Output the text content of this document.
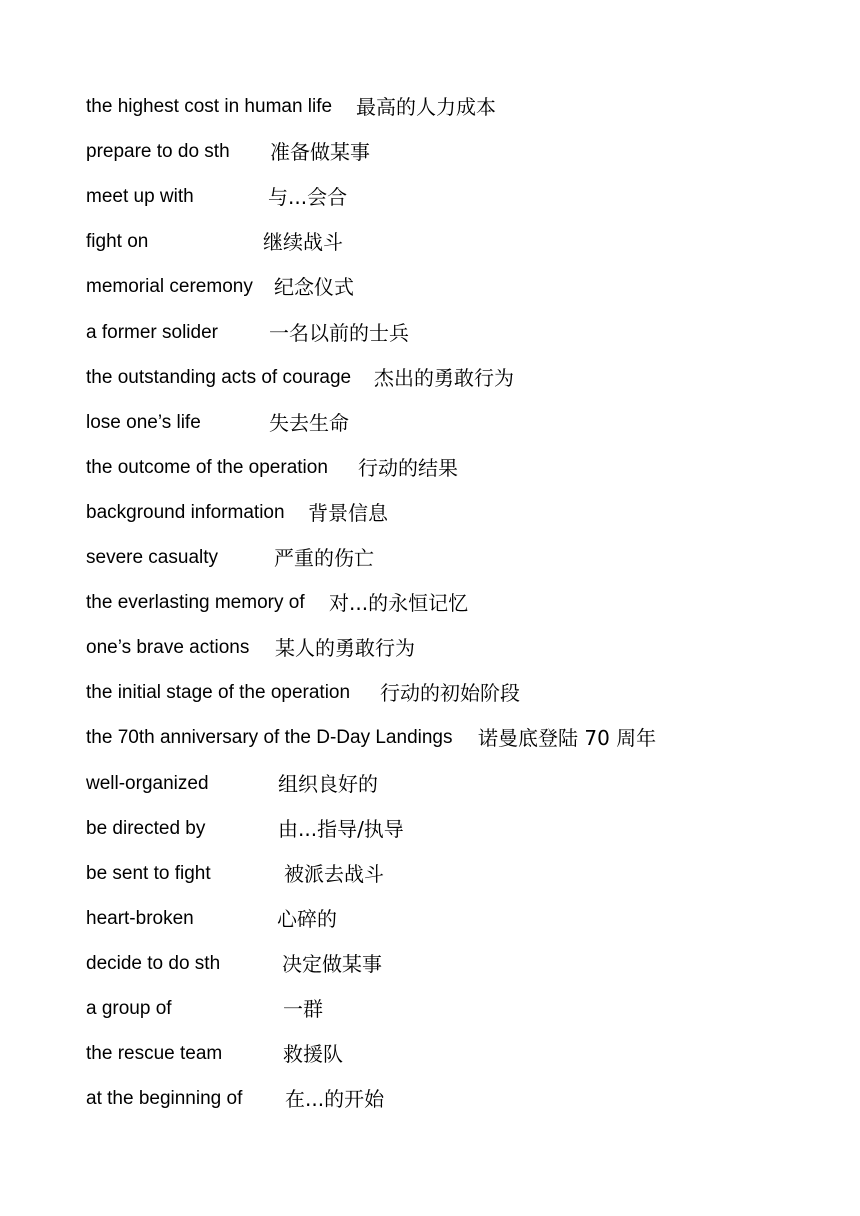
the highest cost in human life 最高的人力成本
prepare to do sth 准备做某事
meet up with	与...会合
fight on	继续战斗
memorial ceremony 纪念仪式
a former solider	一名以前的士兵
the outstanding acts of courage 杰出的勇敢行为
lose one’s life	失去生命
the outcome of the operation 行动的结果
background information 背景信息
severe casualty	严重的伤亡
the everlasting memory of 对...的永恒记忆
one’s brave actions 某人的勇敢行为
the initial stage of the operation 行动的初始阶段
the 70th anniversary of the D-Day Landings 诺曼底登陆 70 周年
well-organized	组织良好的
be directed by	由...指导/执导
be sent to fight	被派去战斗
heart-broken	心碎的
decide to do sth	决定做某事
a group of	一群
the rescue team	救援队
at the beginning of 在...的开始
